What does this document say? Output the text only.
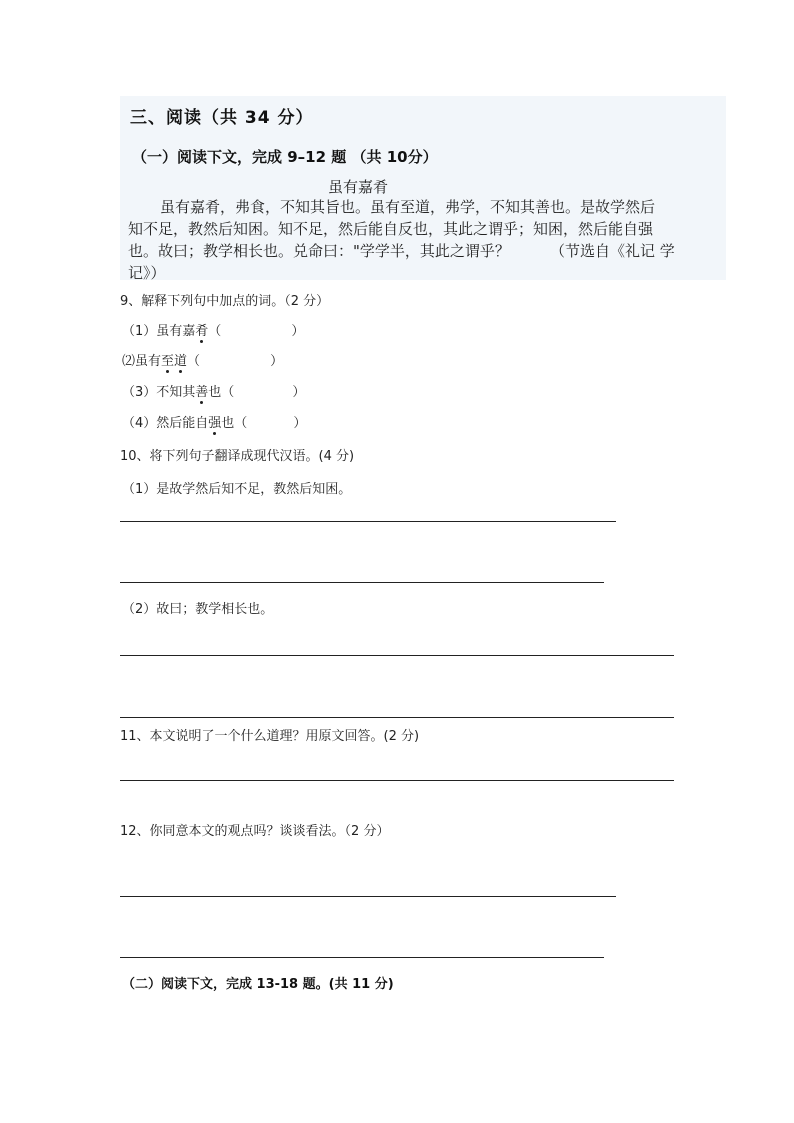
三、阅读（共 34 分）
（一）阅读下文，完成 9–12 题 （共 10分）
虽有嘉肴
虽有嘉肴，弗食，不知其旨也。虽有至道，弗学，不知其善也。是故学然后
知不足，教然后知困。知不足，然后能自反也，其此之谓乎；知困，然后能自强
也。故曰；教学相长也。兑命曰："学学半，其此之谓乎？	（节选自《礼记 学
记》）
9、解释下列句中加点的词。（2 分）
（1）虽有嘉肴（	）
⑵虽有至道（	）
（3）不知其善也（	）
（4）然后能自强也（	）
10、将下列句子翻译成现代汉语。(4 分)
（1）是故学然后知不足，教然后知困。
（2）故曰；教学相长也。
11、本文说明了一个什么道理？用原文回答。(2 分)
12、你同意本文的观点吗？谈谈看法。（2 分）
（二）阅读下文，完成 13-18 题。(共 11 分)
